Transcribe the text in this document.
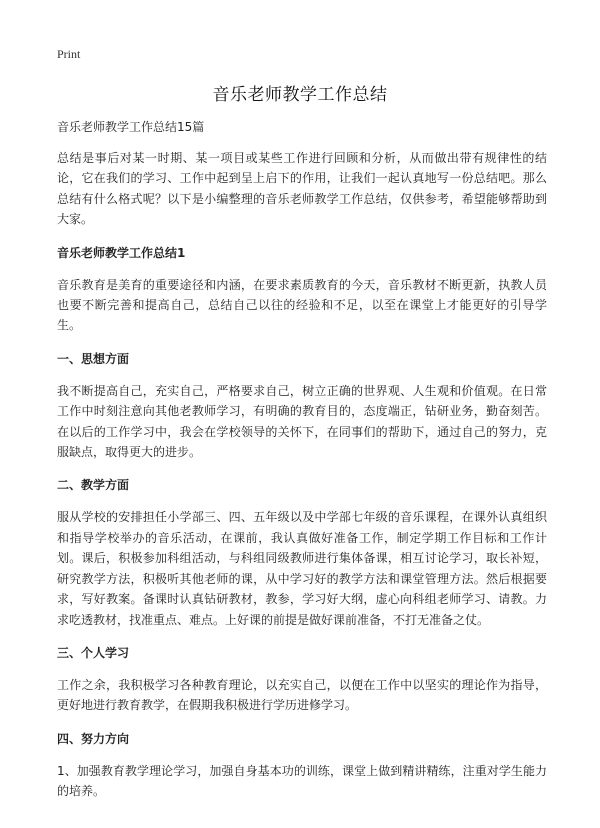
Print
音乐老师教学工作总结

音乐老师教学工作总结15篇

总结是事后对某一时期、某一项目或某些工作进行回顾和分析，从而做出带有规律性的结论，它在我们的学习、工作中起到呈上启下的作用，让我们一起认真地写一份总结吧。那么总结有什么格式呢？以下是小编整理的音乐老师教学工作总结，仅供参考，希望能够帮助到大家。

音乐老师教学工作总结1

音乐教育是美育的重要途径和内涵，在要求素质教育的今天，音乐教材不断更新，执教人员也要不断完善和提高自己，总结自己以往的经验和不足，以至在课堂上才能更好的引导学生。

一、思想方面

我不断提高自己，充实自己，严格要求自己，树立正确的世界观、人生观和价值观。在日常工作中时刻注意向其他老教师学习，有明确的教育目的，态度端正，钻研业务，勤奋刻苦。在以后的工作学习中，我会在学校领导的关怀下，在同事们的帮助下，通过自己的努力，克服缺点，取得更大的进步。

二、教学方面

服从学校的安排担任小学部三、四、五年级以及中学部七年级的音乐课程，在课外认真组织和指导学校举办的音乐活动，在课前，我认真做好准备工作，制定学期工作目标和工作计划。课后，积极参加科组活动，与科组同级教师进行集体备课，相互讨论学习，取长补短，研究教学方法，积极听其他老师的课，从中学习好的教学方法和课堂管理方法。然后根据要求，写好教案。备课时认真钻研教材，教参，学习好大纲，虚心向科组老师学习、请教。力求吃透教材，找准重点、难点。上好课的前提是做好课前准备，不打无准备之仗。

三、个人学习

工作之余，我积极学习各种教育理论，以充实自己，以便在工作中以坚实的理论作为指导，更好地进行教育教学，在假期我积极进行学历进修学习。

四、努力方向

1、加强教育教学理论学习，加强自身基本功的训练，课堂上做到精讲精练，注重对学生能力的培养。
